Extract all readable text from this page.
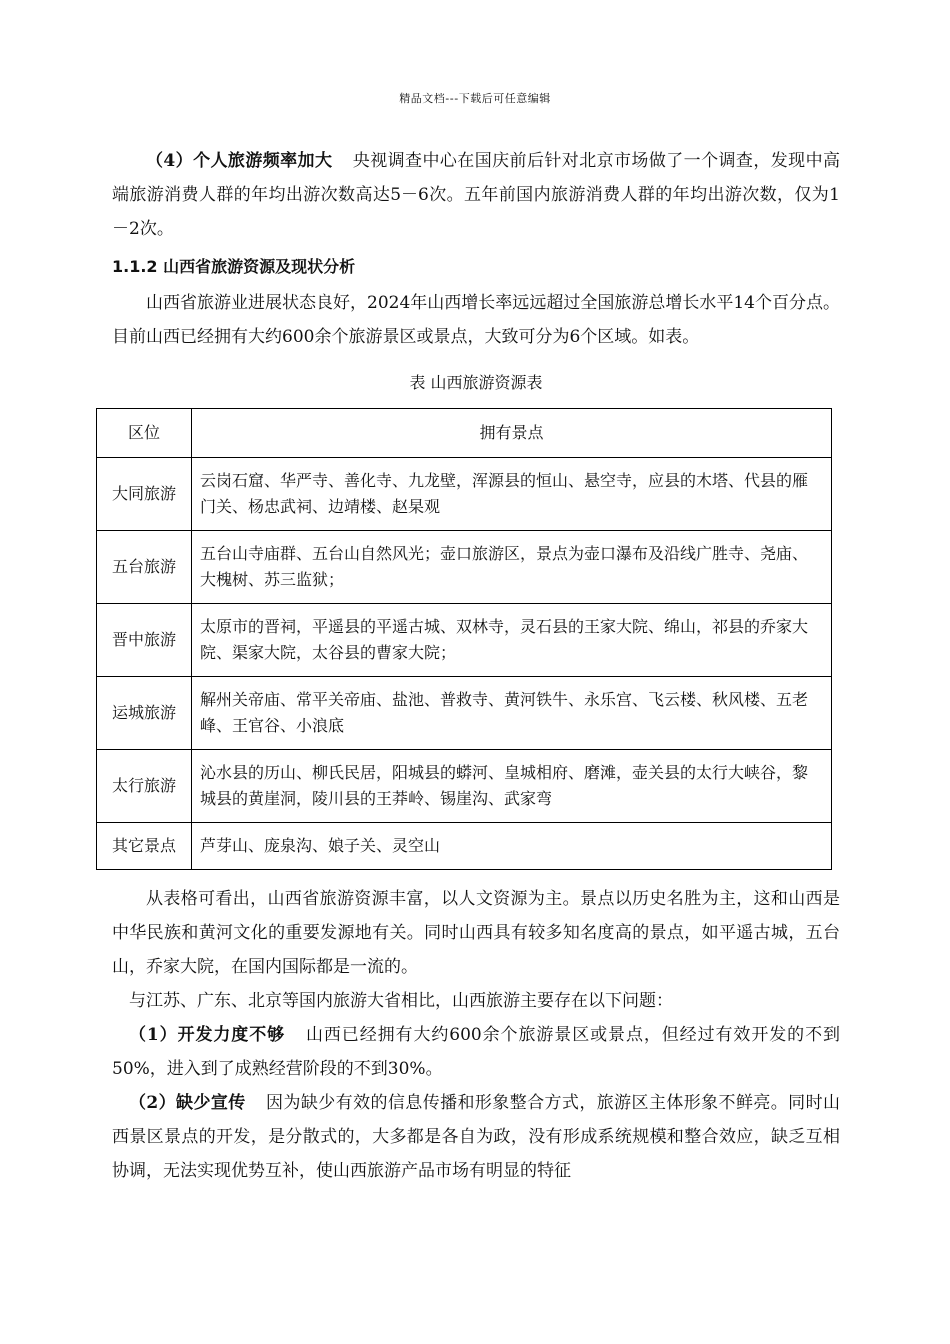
精品文档---下载后可任意编辑

（4）个人旅游频率加大 央视调查中心在国庆前后针对北京市场做了一个调查，发现中高端旅游消费人群的年均出游次数高达5－6次。五年前国内旅游消费人群的年均出游次数，仅为1－2次。

1.1.2 山西省旅游资源及现状分析

山西省旅游业进展状态良好，2024年山西增长率远远超过全国旅游总增长水平14个百分点。目前山西已经拥有大约600余个旅游景区或景点，大致可分为6个区域。如表。

表 山西旅游资源表
区位	拥有景点
大同旅游	云岗石窟、华严寺、善化寺、九龙壁，浑源县的恒山、悬空寺，应县的木塔、代县的雁门关、杨忠武祠、边靖楼、赵杲观
五台旅游	五台山寺庙群、五台山自然风光；壶口旅游区，景点为壶口瀑布及沿线广胜寺、尧庙、大槐树、苏三监狱；
晋中旅游	太原市的晋祠，平遥县的平遥古城、双林寺，灵石县的王家大院、绵山，祁县的乔家大院、渠家大院，太谷县的曹家大院；
运城旅游	解州关帝庙、常平关帝庙、盐池、普救寺、黄河铁牛、永乐宫、飞云楼、秋风楼、五老峰、王官谷、小浪底
太行旅游	沁水县的历山、柳氏民居，阳城县的蟒河、皇城相府、磨滩，壶关县的太行大峡谷，黎城县的黄崖洞，陵川县的王莽岭、锡崖沟、武家弯
其它景点	芦芽山、庞泉沟、娘子关、灵空山

从表格可看出，山西省旅游资源丰富，以人文资源为主。景点以历史名胜为主，这和山西是中华民族和黄河文化的重要发源地有关。同时山西具有较多知名度高的景点，如平遥古城，五台山，乔家大院，在国内国际都是一流的。

与江苏、广东、北京等国内旅游大省相比，山西旅游主要存在以下问题：

（1）开发力度不够 山西已经拥有大约600余个旅游景区或景点，但经过有效开发的不到50%，进入到了成熟经营阶段的不到30%。

（2）缺少宣传 因为缺少有效的信息传播和形象整合方式，旅游区主体形象不鲜亮。同时山西景区景点的开发，是分散式的，大多都是各自为政，没有形成系统规模和整合效应，缺乏互相协调，无法实现优势互补，使山西旅游产品市场有明显的特征
